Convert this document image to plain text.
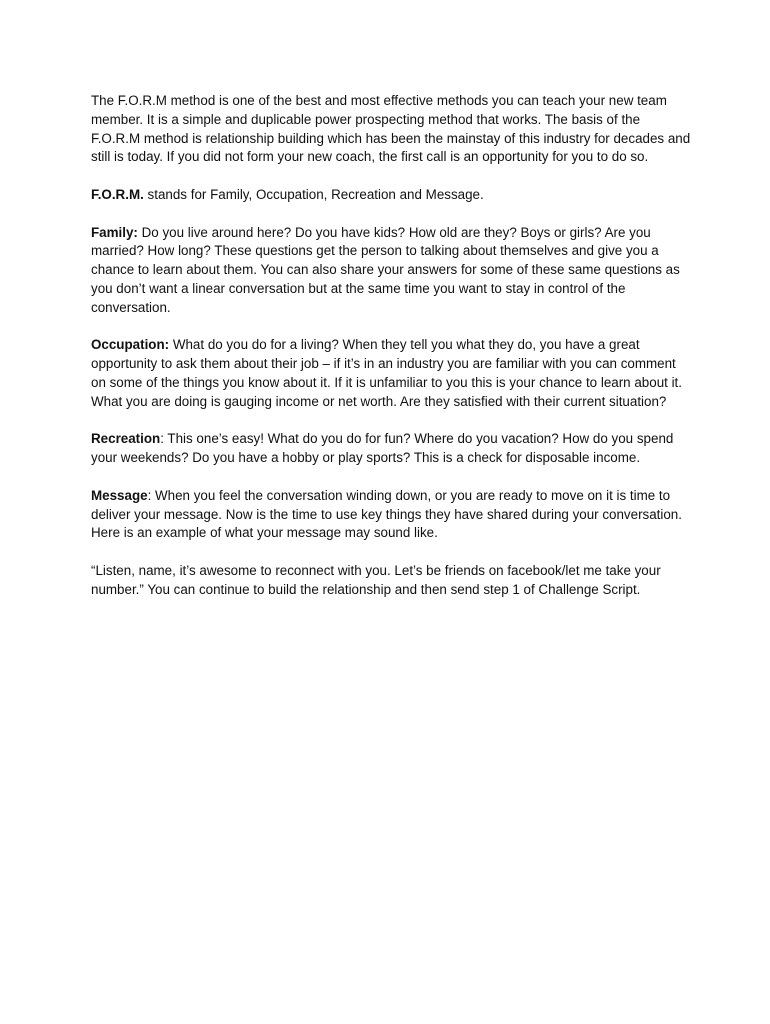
The F.O.R.M method is one of the best and most effective methods you can teach your new team member. It is a simple and duplicable power prospecting method that works. The basis of the F.O.R.M method is relationship building which has been the mainstay of this industry for decades and still is today. If you did not form your new coach, the first call is an opportunity for you to do so.

F.O.R.M. stands for Family, Occupation, Recreation and Message.

Family: Do you live around here? Do you have kids? How old are they? Boys or girls? Are you married? How long? These questions get the person to talking about themselves and give you a chance to learn about them. You can also share your answers for some of these same questions as you don’t want a linear conversation but at the same time you want to stay in control of the conversation.

Occupation: What do you do for a living? When they tell you what they do, you have a great opportunity to ask them about their job – if it’s in an industry you are familiar with you can comment on some of the things you know about it. If it is unfamiliar to you this is your chance to learn about it. What you are doing is gauging income or net worth. Are they satisfied with their current situation?

Recreation: This one’s easy! What do you do for fun? Where do you vacation? How do you spend your weekends? Do you have a hobby or play sports? This is a check for disposable income.

Message: When you feel the conversation winding down, or you are ready to move on it is time to deliver your message. Now is the time to use key things they have shared during your conversation. Here is an example of what your message may sound like.

“Listen, name, it’s awesome to reconnect with you. Let’s be friends on facebook/let me take your number.” You can continue to build the relationship and then send step 1 of Challenge Script.
